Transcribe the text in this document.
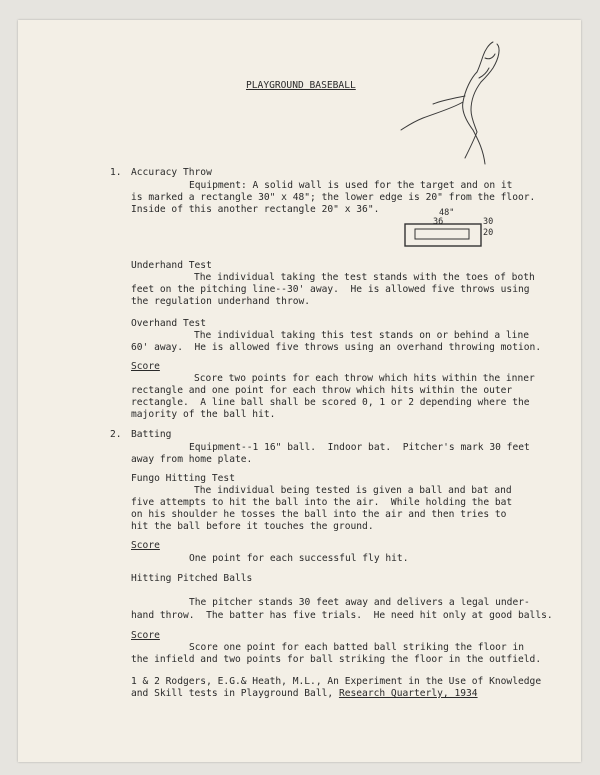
PLAYGROUND BASEBALL
1. Accuracy Throw
Equipment: A solid wall is used for the target and on it
is marked a rectangle 30" x 48"; the lower edge is 20" from the floor.
Inside of this another rectangle 20" x 36".	48"
36	30
20
Underhand Test
The individual taking the test stands with the toes of both
feet on the pitching line--30' away.  He is allowed five throws using
the regulation underhand throw.
Overhand Test
The individual taking this test stands on or behind a line
60' away.  He is allowed five throws using an overhand throwing motion.
Score
Score two points for each throw which hits within the inner
rectangle and one point for each throw which hits within the outer
rectangle.  A line ball shall be scored 0, 1 or 2 depending where the
majority of the ball hit.
2. Batting
Equipment--1 16" ball.  Indoor bat.  Pitcher's mark 30 feet
away from home plate.
Fungo Hitting Test
The individual being tested is given a ball and bat and
five attempts to hit the ball into the air.  While holding the bat
on his shoulder he tosses the ball into the air and then tries to
hit the ball before it touches the ground.
Score
One point for each successful fly hit.
Hitting Pitched Balls
The pitcher stands 30 feet away and delivers a legal under-
hand throw.  The batter has five trials.  He need hit only at good balls.
Score
Score one point for each batted ball striking the floor in
the infield and two points for ball striking the floor in the outfield.
1 & 2 Rodgers, E.G.& Heath, M.L., An Experiment in the Use of Knowledge
and Skill tests in Playground Ball, Research Quarterly, 1934
